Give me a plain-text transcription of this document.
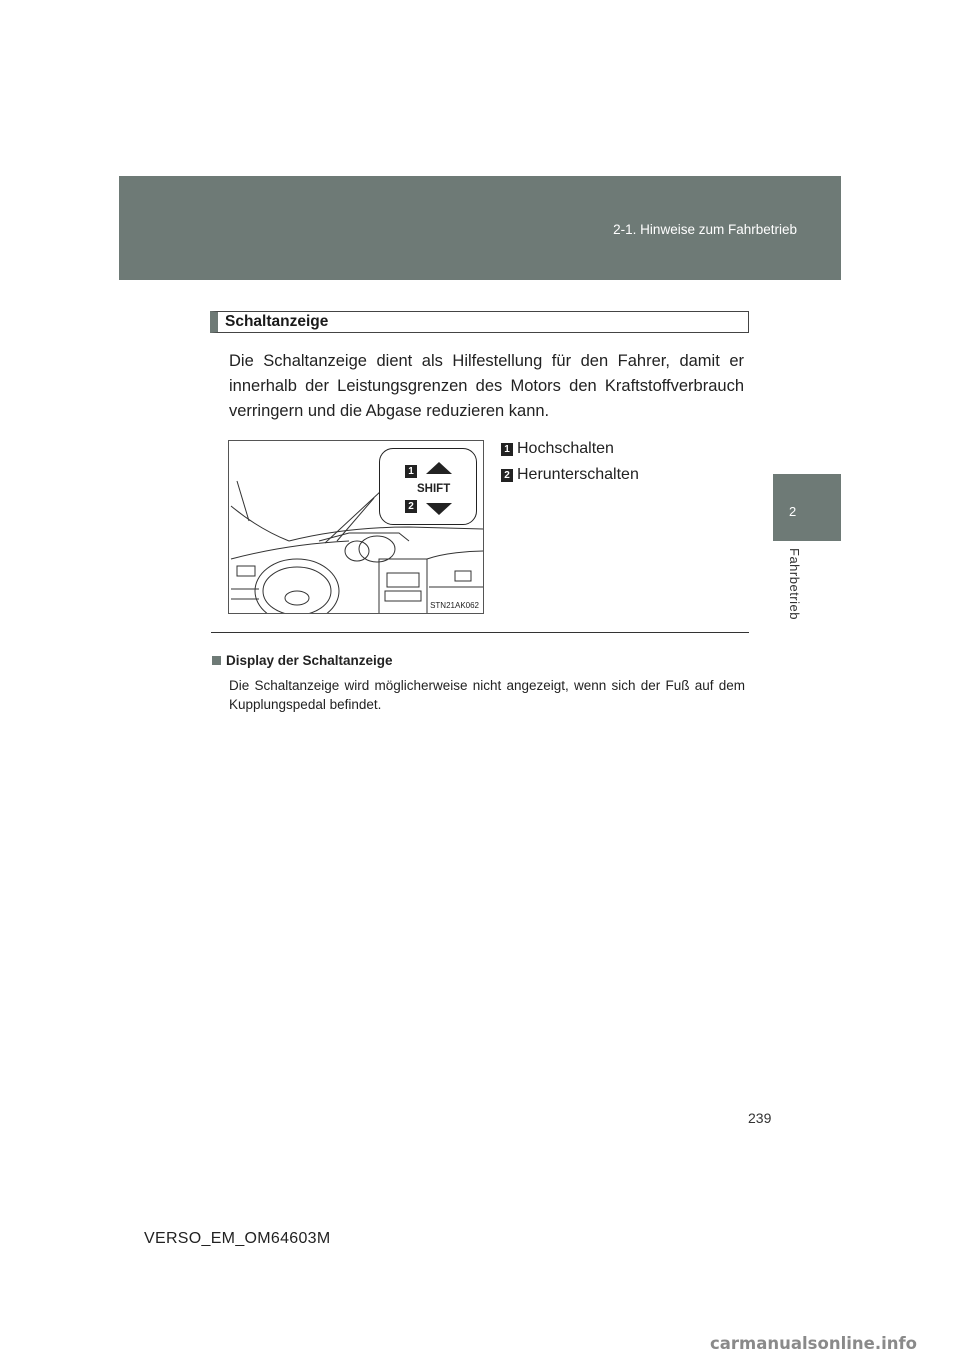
2-1. Hinweise zum Fahrbetrieb
2
Fahrbetrieb
Schaltanzeige
Die Schaltanzeige dient als Hilfestellung für den Fahrer, damit er innerhalb der Leistungsgrenzen des Motors den Kraftstoffverbrauch verringern und die Abgase reduzieren kann.
1
SHIFT
2
STN21AK062
1 Hochschalten
2 Herunterschalten
Display der Schaltanzeige
Die Schaltanzeige wird möglicherweise nicht angezeigt, wenn sich der Fuß auf dem Kupplungspedal befindet.
239
VERSO_EM_OM64603M
carmanualsonline.info
